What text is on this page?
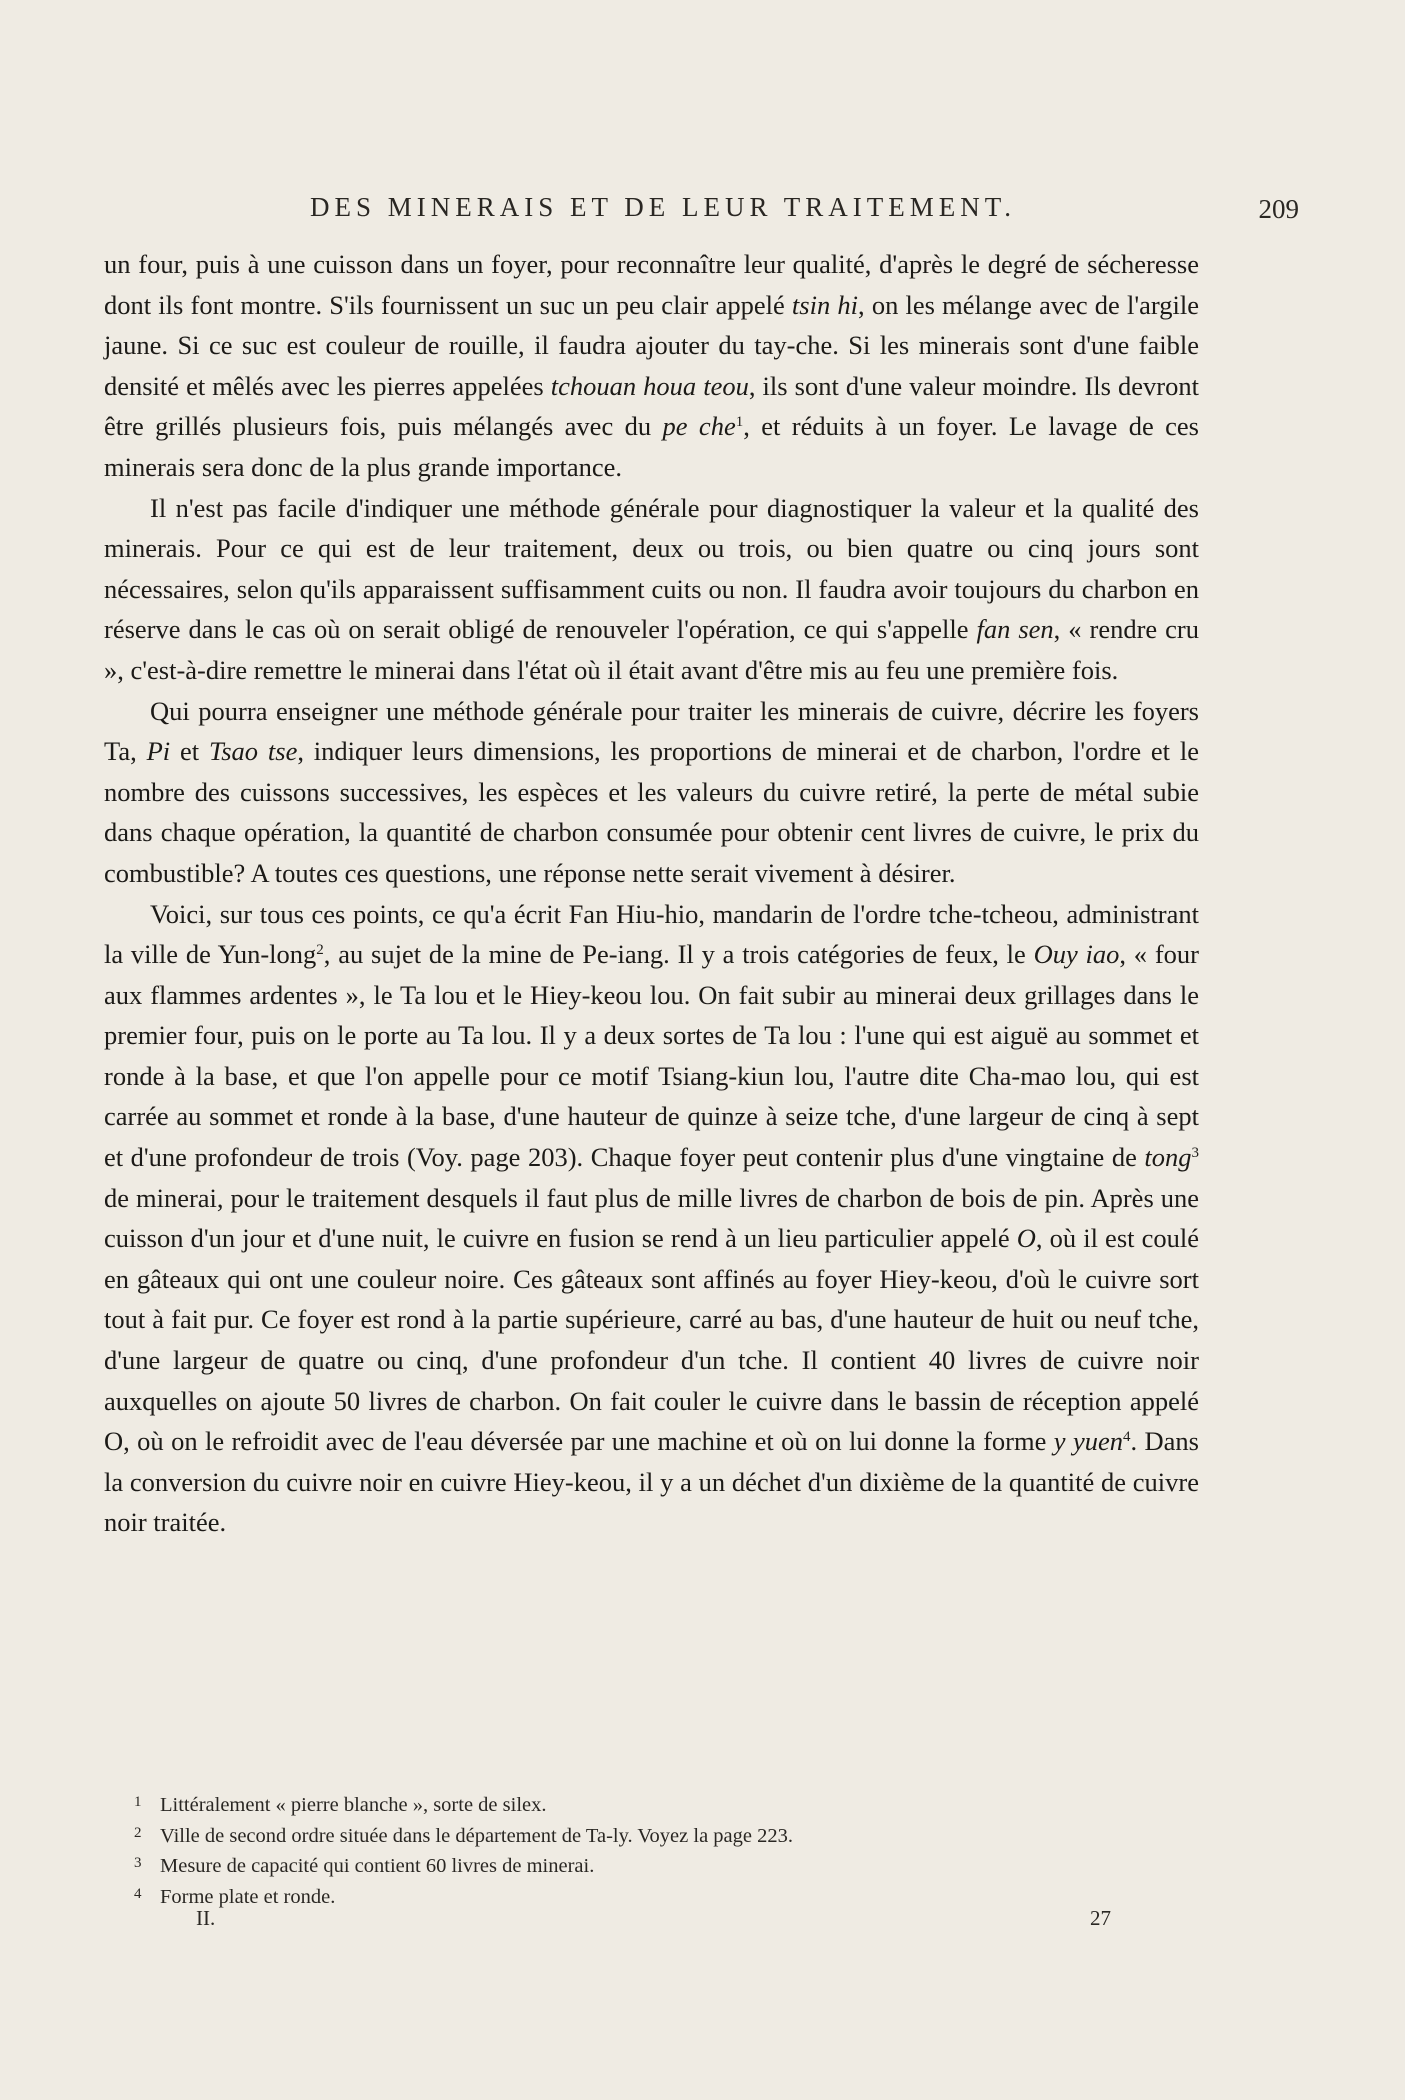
DES MINERAIS ET DE LEUR TRAITEMENT.	209

un four, puis à une cuisson dans un foyer, pour reconnaître leur qualité, d'après le degré de sécheresse dont ils font montre. S'ils fournissent un suc un peu clair appelé tsin hi, on les mélange avec de l'argile jaune. Si ce suc est couleur de rouille, il faudra ajouter du tay-che. Si les minerais sont d'une faible densité et mêlés avec les pierres appelées tchouan houa teou, ils sont d'une valeur moindre. Ils devront être grillés plusieurs fois, puis mélangés avec du pe che$^1$, et réduits à un foyer. Le lavage de ces minerais sera donc de la plus grande importance.

Il n'est pas facile d'indiquer une méthode générale pour diagnostiquer la valeur et la qualité des minerais. Pour ce qui est de leur traitement, deux ou trois, ou bien quatre ou cinq jours sont nécessaires, selon qu'ils apparaissent suffisamment cuits ou non. Il faudra avoir toujours du charbon en réserve dans le cas où on serait obligé de renouveler l'opération, ce qui s'appelle fan sen, « rendre cru », c'est-à-dire remettre le minerai dans l'état où il était avant d'être mis au feu une première fois.

Qui pourra enseigner une méthode générale pour traiter les minerais de cuivre, décrire les foyers Ta, Pi et Tsao tse, indiquer leurs dimensions, les proportions de minerai et de charbon, l'ordre et le nombre des cuissons successives, les espèces et les valeurs du cuivre retiré, la perte de métal subie dans chaque opération, la quantité de charbon consumée pour obtenir cent livres de cuivre, le prix du combustible? A toutes ces questions, une réponse nette serait vivement à désirer.

Voici, sur tous ces points, ce qu'a écrit Fan Hiu-hio, mandarin de l'ordre tche-tcheou, administrant la ville de Yun-long$^2$, au sujet de la mine de Pe-iang. Il y a trois catégories de feux, le Ouy iao, « four aux flammes ardentes », le Ta lou et le Hiey-keou lou. On fait subir au minerai deux grillages dans le premier four, puis on le porte au Ta lou. Il y a deux sortes de Ta lou : l'une qui est aiguë au sommet et ronde à la base, et que l'on appelle pour ce motif Tsiang-kiun lou, l'autre dite Cha-mao lou, qui est carrée au sommet et ronde à la base, d'une hauteur de quinze à seize tche, d'une largeur de cinq à sept et d'une profondeur de trois (Voy. page 203). Chaque foyer peut contenir plus d'une vingtaine de tong$^3$ de minerai, pour le traitement desquels il faut plus de mille livres de charbon de bois de pin. Après une cuisson d'un jour et d'une nuit, le cuivre en fusion se rend à un lieu particulier appelé O, où il est coulé en gâteaux qui ont une couleur noire. Ces gâteaux sont affinés au foyer Hiey-keou, d'où le cuivre sort tout à fait pur. Ce foyer est rond à la partie supérieure, carré au bas, d'une hauteur de huit ou neuf tche, d'une largeur de quatre ou cinq, d'une profondeur d'un tche. Il contient 40 livres de cuivre noir auxquelles on ajoute 50 livres de charbon. On fait couler le cuivre dans le bassin de réception appelé O, où on le refroidit avec de l'eau déversée par une machine et où on lui donne la forme y yuen$^4$. Dans la conversion du cuivre noir en cuivre Hiey-keou, il y a un déchet d'un dixième de la quantité de cuivre noir traitée.

1 Littéralement « pierre blanche », sorte de silex.
2 Ville de second ordre située dans le département de Ta-ly. Voyez la page 223.
3 Mesure de capacité qui contient 60 livres de minerai.
4 Forme plate et ronde.
II.	27
